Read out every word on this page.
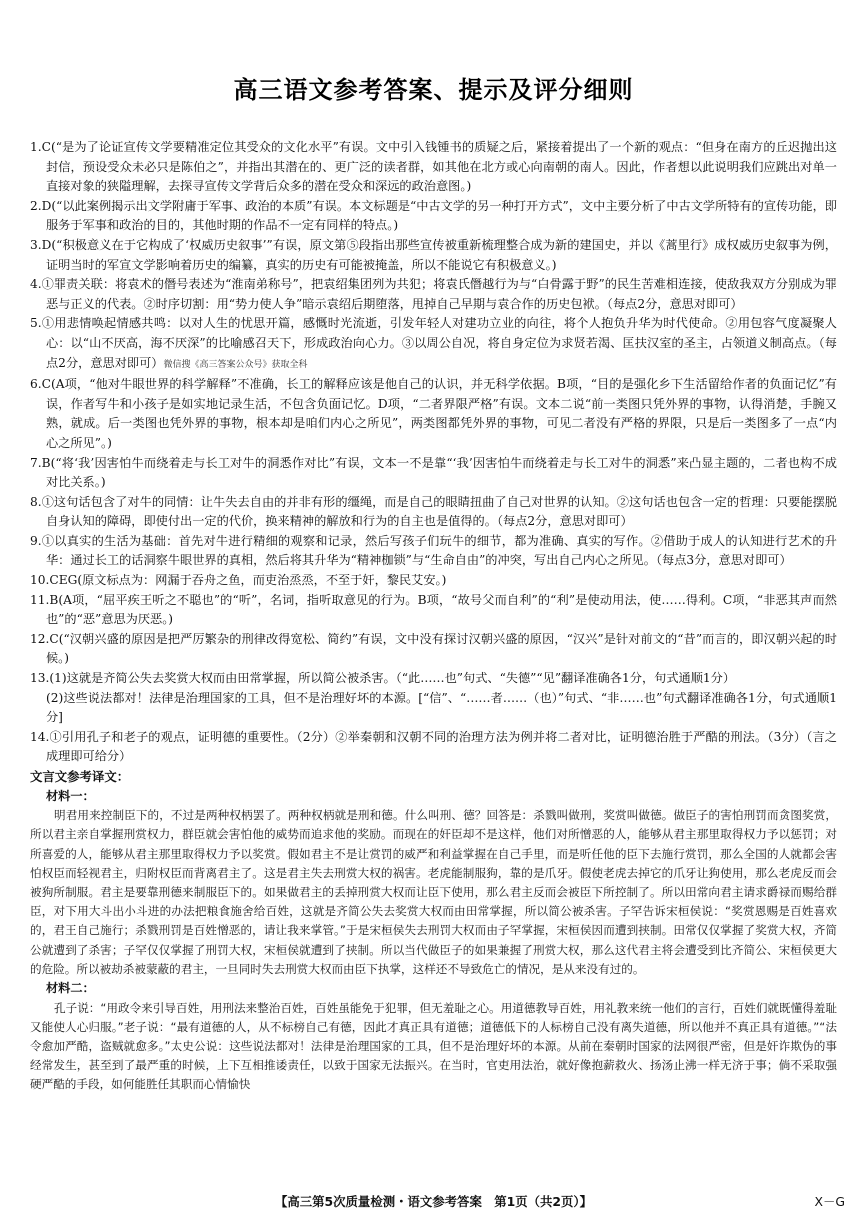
高三语文参考答案、提示及评分细则
1.C(“是为了论证宣传文学要精准定位其受众的文化水平”有误。文中引入钱锺书的质疑之后，紧接着提出了一个新的观点：“但身在南方的丘迟抛出这封信，预设受众未必只是陈伯之”，并指出其潜在的、更广泛的读者群，如其他在北方或心向南朝的南人。因此，作者想以此说明我们应跳出对单一直接对象的狭隘理解，去探寻宣传文学背后众多的潜在受众和深远的政治意图。)
2.D(“以此案例揭示出文学附庸于军事、政治的本质”有误。本文标题是“中古文学的另一种打开方式”，文中主要分析了中古文学所特有的宣传功能，即服务于军事和政治的目的，其他时期的作品不一定有同样的特点。)
3.D(“积极意义在于它构成了‘权威历史叙事’”有误，原文第⑤段指出那些宣传被重新梳理整合成为新的建国史，并以《蒿里行》成权威历史叙事为例，证明当时的军宣文学影响着历史的编纂，真实的历史有可能被掩盖，所以不能说它有积极意义。)
4.①罪责关联：将袁术的僭号表述为“淮南弟称号”，把袁绍集团列为共犯；将袁氏僭越行为与“白骨露于野”的民生苦难相连接，使敌我双方分别成为罪恶与正义的代表。②时序切割：用“势力使人争”暗示袁绍后期堕落，甩掉自己早期与袁合作的历史包袱。（每点2分，意思对即可）
5.①用悲情唤起情感共鸣：以对人生的忧思开篇，感慨时光流逝，引发年轻人对建功立业的向往，将个人抱负升华为时代使命。②用包容气度凝聚人心：以“山不厌高，海不厌深”的比喻感召天下，形成政治向心力。③以周公自况，将自身定位为求贤若渴、匡扶汉室的圣主，占领道义制高点。（每点2分，意思对即可）微信搜《高三答案公众号》获取全科
6.C(A项，“他对牛眼世界的科学解释”不准确，长工的解释应该是他自己的认识，并无科学依据。B项，“目的是强化乡下生活留给作者的负面记忆”有误，作者写牛和小孩子是如实地记录生活，不包含负面记忆。D项，“二者界限严格”有误。文本二说“前一类图只凭外界的事物，认得消楚，手腕又熟，就成。后一类图也凭外界的事物，根本却是咱们内心之所见”，两类图都凭外界的事物，可见二者没有严格的界限，只是后一类图多了一点“内心之所见”。)
7.B(“将‘我’因害怕牛而绕着走与长工对牛的洞悉作对比”有误，文本一不是靠“‘我’因害怕牛而绕着走与长工对牛的洞悉”来凸显主题的，二者也构不成对比关系。)
8.①这句话包含了对牛的同情：让牛失去自由的并非有形的缰绳，而是自己的眼睛扭曲了自己对世界的认知。②这句话也包含一定的哲理：只要能摆脱自身认知的障碍，即使付出一定的代价，换来精神的解放和行为的自主也是值得的。（每点2分，意思对即可）
9.①以真实的生活为基础：首先对牛进行精细的观察和记录，然后写孩子们玩牛的细节，都为准确、真实的写作。②借助于成人的认知进行艺术的升华：通过长工的话洞察牛眼世界的真相，然后将其升华为“精神枷锁”与“生命自由”的冲突，写出自己内心之所见。（每点3分，意思对即可）
10.CEG(原文标点为：网漏于吞舟之鱼，而吏治烝烝，不至于奸，黎民艾安。)
11.B(A项，“屈平疾王听之不聪也”的“听”，名词，指听取意见的行为。B项，“故号父而自利”的“利”是使动用法，使……得利。C项，“非恶其声而然也”的“恶”意思为厌恶。)
12.C(“汉朝兴盛的原因是把严厉繁杂的刑律改得宽松、简约”有误，文中没有探讨汉朝兴盛的原因，“汉兴”是针对前文的“昔”而言的，即汉朝兴起的时候。)
13.(1)这就是齐简公失去奖赏大权而由田常掌握，所以简公被杀害。（“此……也”句式、“失德”“见”翻译准确各1分，句式通顺1分）
(2)这些说法都对！法律是治理国家的工具，但不是治理好坏的本源。[“信”、“……者……（也）”句式、“非……也”句式翻译准确各1分，句式通顺1分]
14.①引用孔子和老子的观点，证明德的重要性。（2分）②举秦朝和汉朝不同的治理方法为例并将二者对比，证明德治胜于严酷的刑法。（3分）（言之成理即可给分）
文言文参考译文：
材料一：
明君用来控制臣下的，不过是两种权柄罢了。两种权柄就是刑和德。什么叫刑、德？回答是：杀戮叫做刑，奖赏叫做德。做臣子的害怕刑罚而贪图奖赏，所以君主亲自掌握刑赏权力，群臣就会害怕他的威势而追求他的奖励。而现在的奸臣却不是这样，他们对所憎恶的人，能够从君主那里取得权力予以惩罚；对所喜爱的人，能够从君主那里取得权力予以奖赏。假如君主不是让赏罚的威严和利益掌握在自己手里，而是听任他的臣下去施行赏罚，那么全国的人就都会害怕权臣而轻视君主，归附权臣而背离君主了。这是君主失去刑赏大权的祸害。老虎能制服狗，靠的是爪牙。假使老虎去掉它的爪牙让狗使用，那么老虎反而会被狗所制服。君主是要靠刑德来制服臣下的。如果做君主的丢掉刑赏大权而让臣下使用，那么君主反而会被臣下所控制了。所以田常向君主请求爵禄而赐给群臣，对下用大斗出小斗进的办法把粮食施舍给百姓，这就是齐简公失去奖赏大权而由田常掌握，所以简公被杀害。子罕告诉宋桓侯说：“奖赏恩赐是百姓喜欢的，君王自己施行；杀戮刑罚是百姓憎恶的，请让我来掌管。”于是宋桓侯失去刑罚大权而由子罕掌握，宋桓侯因而遭到挟制。田常仅仅掌握了奖赏大权，齐简公就遭到了杀害；子罕仅仅掌握了刑罚大权，宋桓侯就遭到了挟制。所以当代做臣子的如果兼握了刑赏大权，那么这代君主将会遭受到比齐简公、宋桓侯更大的危险。所以被劫杀被蒙蔽的君主，一旦同时失去刑赏大权而由臣下执掌，这样还不导致危亡的情况，是从来没有过的。
材料二：
孔子说：“用政令来引导百姓，用刑法来整治百姓，百姓虽能免于犯罪，但无羞耻之心。用道德教导百姓，用礼教来统一他们的言行，百姓们就既懂得羞耻又能使人心归服。”老子说：“最有道德的人，从不标榜自己有德，因此才真正具有道德；道德低下的人标榜自己没有离失道德，所以他并不真正具有道德。”“法令愈加严酷，盗贼就愈多。”太史公说：这些说法都对！法律是治理国家的工具，但不是治理好坏的本源。从前在秦朝时国家的法网很严密，但是奸诈欺伪的事经常发生，甚至到了最严重的时候，上下互相推诿责任，以致于国家无法振兴。在当时，官吏用法治，就好像抱薪救火、扬汤止沸一样无济于事；倘不采取强硬严酷的手段，如何能胜任其职而心情愉快
【高三第5次质量检测・语文参考答案　第1页（共2页）】	X－G
